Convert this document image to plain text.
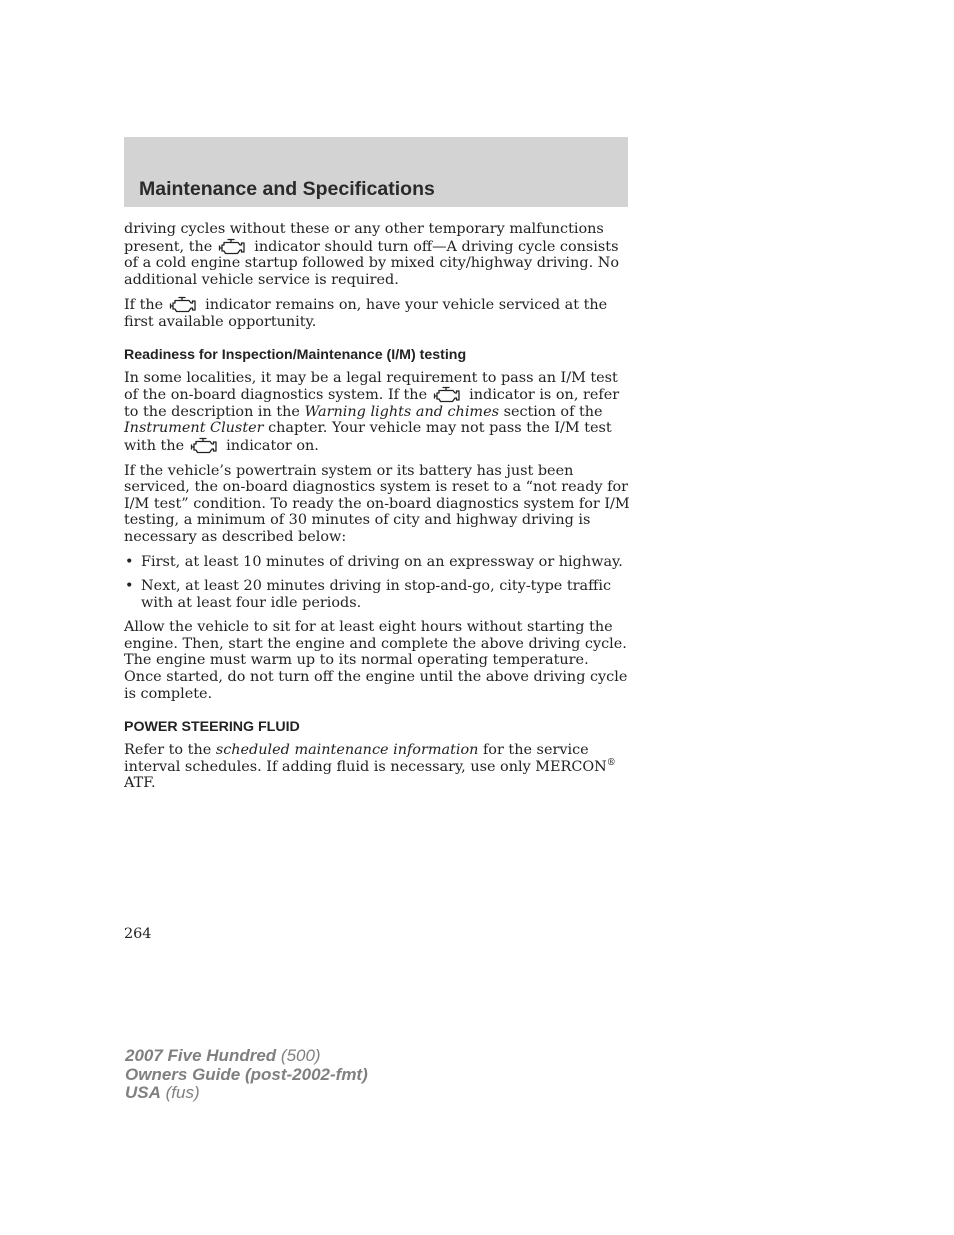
Maintenance and Specifications

driving cycles without these or any other temporary malfunctions present, the	indicator should turn off—A driving cycle consists of a cold engine startup followed by mixed city/highway driving. No additional vehicle service is required.

If the	indicator remains on, have your vehicle serviced at the first available opportunity.

Readiness for Inspection/Maintenance (I/M) testing

In some localities, it may be a legal requirement to pass an I/M test of the on-board diagnostics system. If the	indicator is on, refer to the description in the Warning lights and chimes section of the Instrument Cluster chapter. Your vehicle may not pass the I/M test with the	indicator on.

If the vehicle’s powertrain system or its battery has just been serviced, the on-board diagnostics system is reset to a “not ready for I/M test” condition. To ready the on-board diagnostics system for I/M testing, a minimum of 30 minutes of city and highway driving is necessary as described below:

• First, at least 10 minutes of driving on an expressway or highway.
• Next, at least 20 minutes driving in stop-and-go, city-type traffic with at least four idle periods.

Allow the vehicle to sit for at least eight hours without starting the engine. Then, start the engine and complete the above driving cycle. The engine must warm up to its normal operating temperature. Once started, do not turn off the engine until the above driving cycle is complete.

POWER STEERING FLUID

Refer to the scheduled maintenance information for the service interval schedules. If adding fluid is necessary, use only MERCON® ATF.

264
2007 Five Hundred (500)
Owners Guide (post-2002-fmt)
USA (fus)
